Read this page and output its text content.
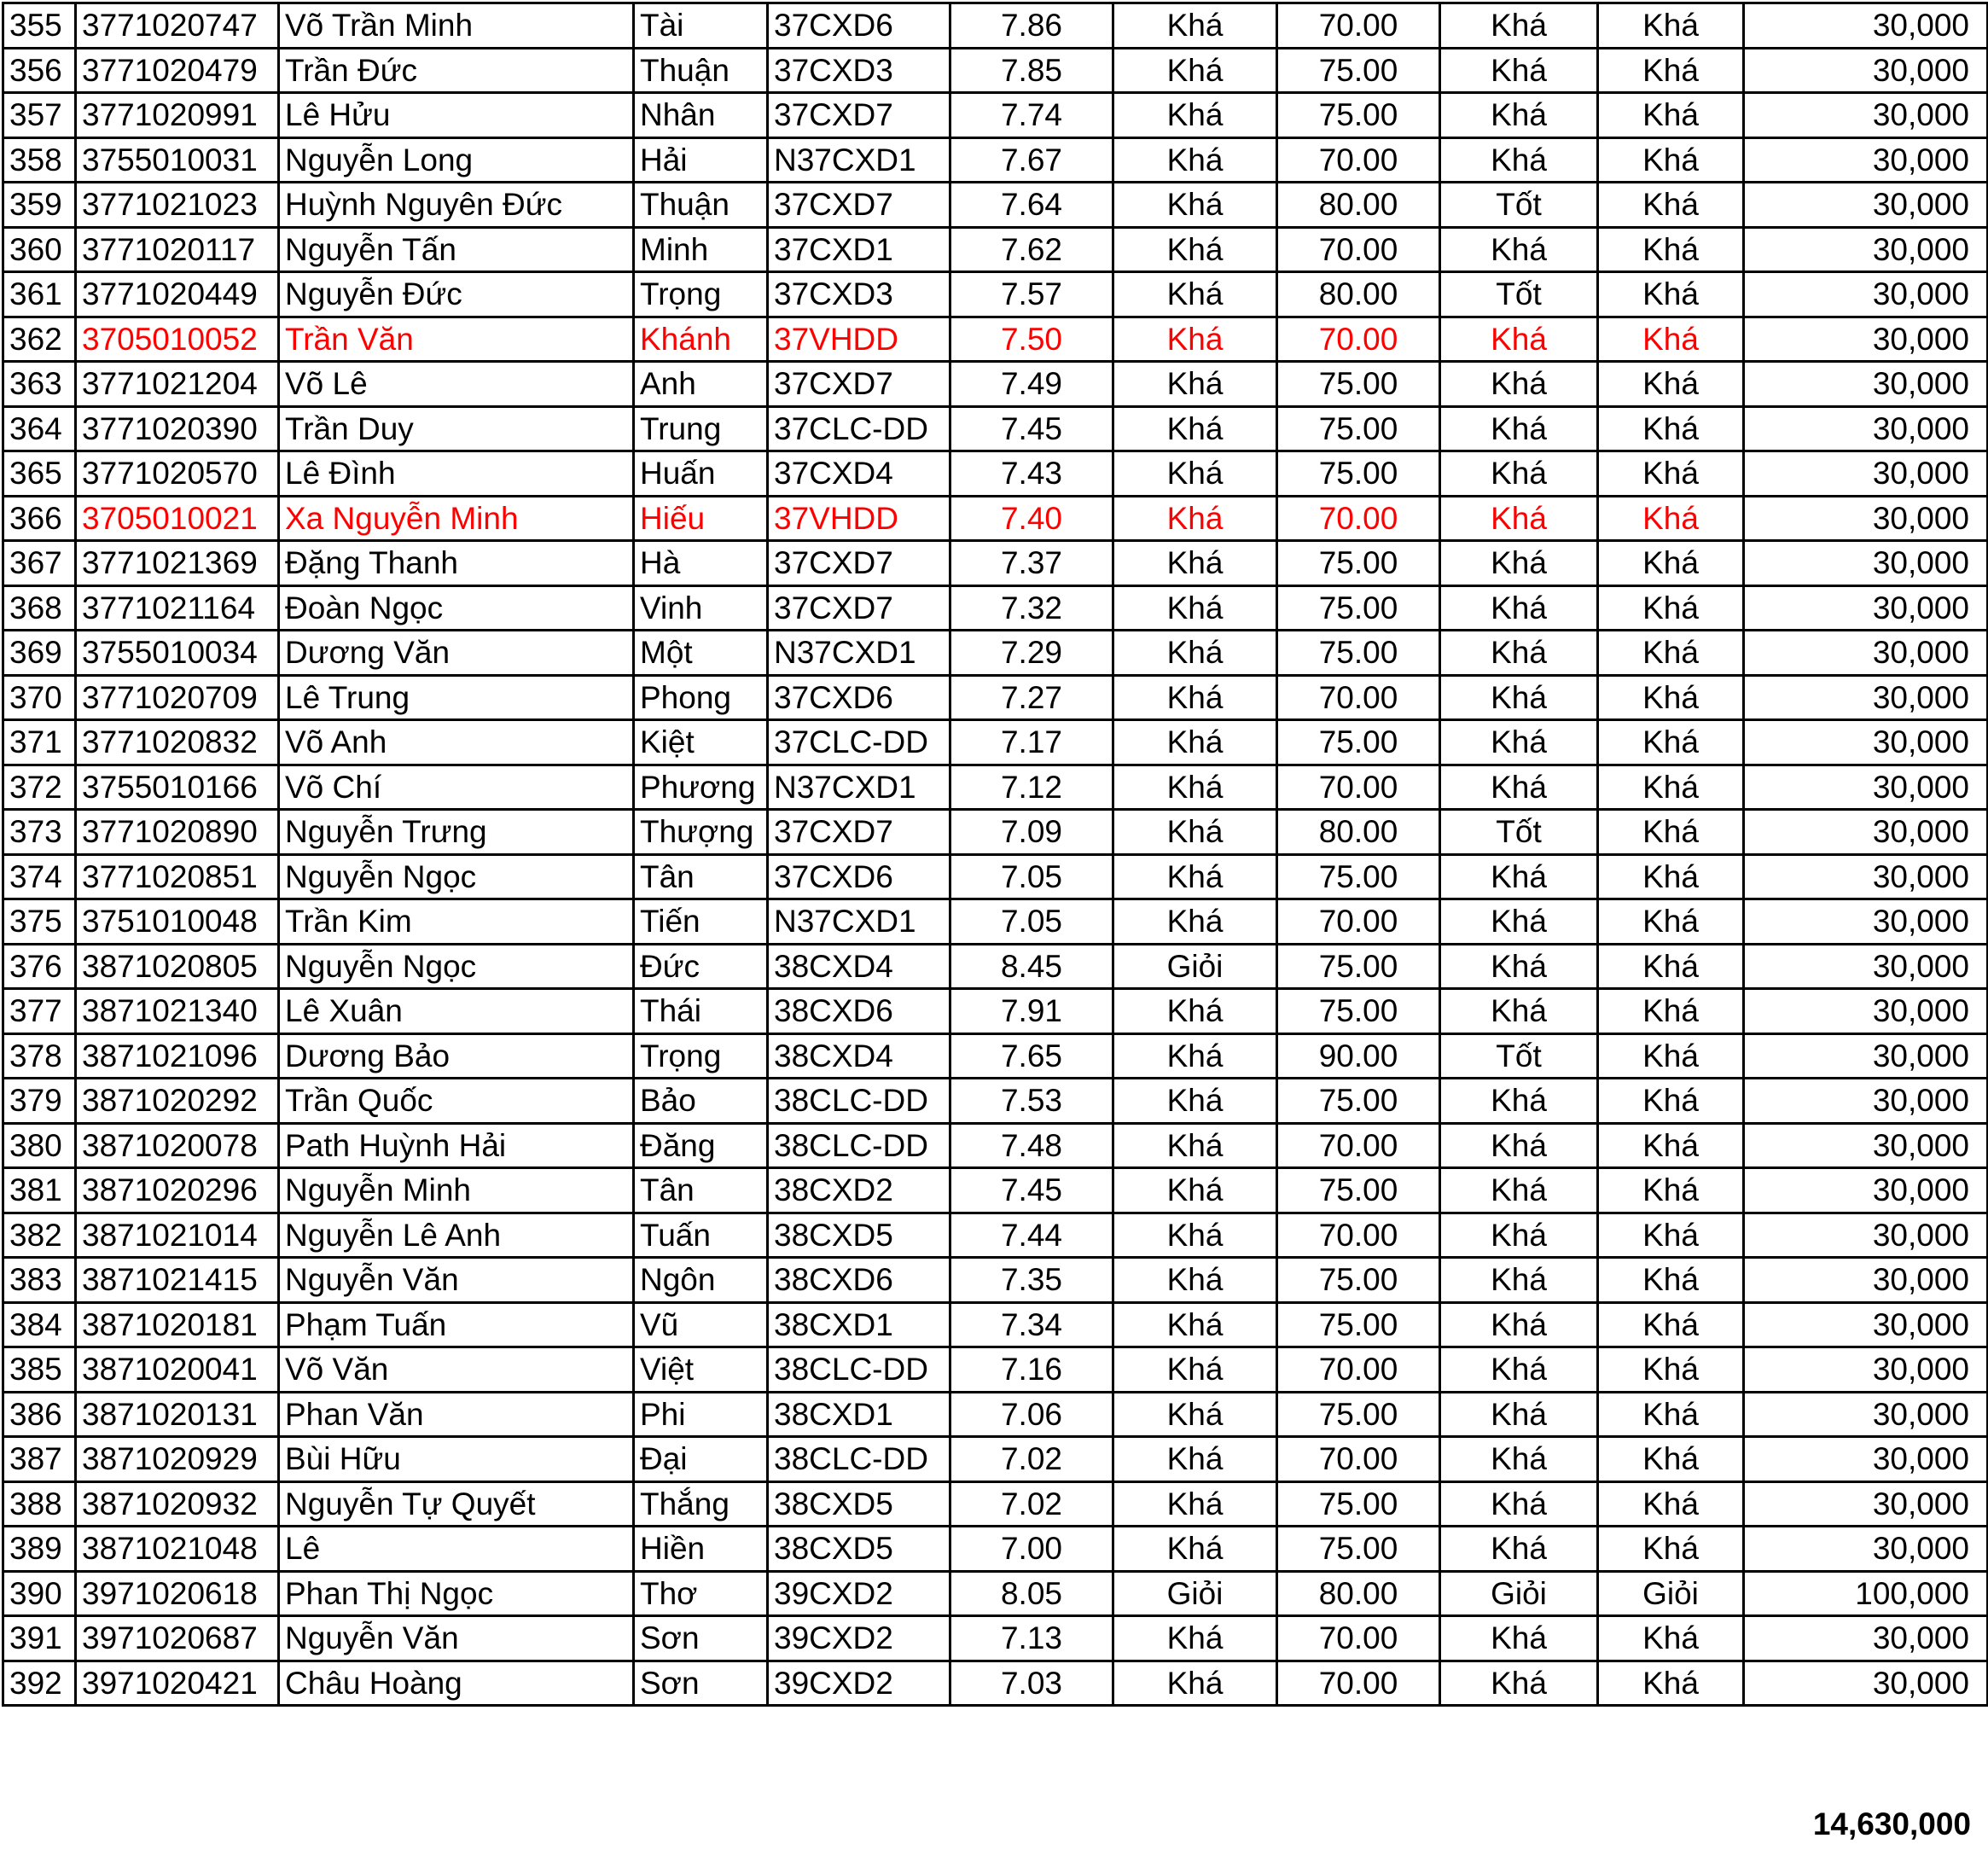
355	3771020747	Võ Trần Minh	Tài	37CXD6	7.86	Khá	70.00	Khá	Khá	30,000
356	3771020479	Trần Đức	Thuận	37CXD3	7.85	Khá	75.00	Khá	Khá	30,000
357	3771020991	Lê Hửu	Nhân	37CXD7	7.74	Khá	75.00	Khá	Khá	30,000
358	3755010031	Nguyễn Long	Hải	N37CXD1	7.67	Khá	70.00	Khá	Khá	30,000
359	3771021023	Huỳnh Nguyên Đức	Thuận	37CXD7	7.64	Khá	80.00	Tốt	Khá	30,000
360	3771020117	Nguyễn Tấn	Minh	37CXD1	7.62	Khá	70.00	Khá	Khá	30,000
361	3771020449	Nguyễn Đức	Trọng	37CXD3	7.57	Khá	80.00	Tốt	Khá	30,000
362	3705010052	Trần Văn	Khánh	37VHDD	7.50	Khá	70.00	Khá	Khá	30,000
363	3771021204	Võ Lê	Anh	37CXD7	7.49	Khá	75.00	Khá	Khá	30,000
364	3771020390	Trần Duy	Trung	37CLC-DD	7.45	Khá	75.00	Khá	Khá	30,000
365	3771020570	Lê Đình	Huấn	37CXD4	7.43	Khá	75.00	Khá	Khá	30,000
366	3705010021	Xa Nguyễn Minh	Hiếu	37VHDD	7.40	Khá	70.00	Khá	Khá	30,000
367	3771021369	Đặng Thanh	Hà	37CXD7	7.37	Khá	75.00	Khá	Khá	30,000
368	3771021164	Đoàn Ngọc	Vinh	37CXD7	7.32	Khá	75.00	Khá	Khá	30,000
369	3755010034	Dương Văn	Một	N37CXD1	7.29	Khá	75.00	Khá	Khá	30,000
370	3771020709	Lê Trung	Phong	37CXD6	7.27	Khá	70.00	Khá	Khá	30,000
371	3771020832	Võ Anh	Kiệt	37CLC-DD	7.17	Khá	75.00	Khá	Khá	30,000
372	3755010166	Võ Chí	Phương	N37CXD1	7.12	Khá	70.00	Khá	Khá	30,000
373	3771020890	Nguyễn Trưng	Thượng	37CXD7	7.09	Khá	80.00	Tốt	Khá	30,000
374	3771020851	Nguyễn Ngọc	Tân	37CXD6	7.05	Khá	75.00	Khá	Khá	30,000
375	3751010048	Trần Kim	Tiến	N37CXD1	7.05	Khá	70.00	Khá	Khá	30,000
376	3871020805	Nguyễn Ngọc	Đức	38CXD4	8.45	Giỏi	75.00	Khá	Khá	30,000
377	3871021340	Lê Xuân	Thái	38CXD6	7.91	Khá	75.00	Khá	Khá	30,000
378	3871021096	Dương Bảo	Trọng	38CXD4	7.65	Khá	90.00	Tốt	Khá	30,000
379	3871020292	Trần Quốc	Bảo	38CLC-DD	7.53	Khá	75.00	Khá	Khá	30,000
380	3871020078	Path Huỳnh Hải	Đăng	38CLC-DD	7.48	Khá	70.00	Khá	Khá	30,000
381	3871020296	Nguyễn Minh	Tân	38CXD2	7.45	Khá	75.00	Khá	Khá	30,000
382	3871021014	Nguyễn Lê Anh	Tuấn	38CXD5	7.44	Khá	70.00	Khá	Khá	30,000
383	3871021415	Nguyễn Văn	Ngôn	38CXD6	7.35	Khá	75.00	Khá	Khá	30,000
384	3871020181	Phạm Tuấn	Vũ	38CXD1	7.34	Khá	75.00	Khá	Khá	30,000
385	3871020041	Võ Văn	Việt	38CLC-DD	7.16	Khá	70.00	Khá	Khá	30,000
386	3871020131	Phan Văn	Phi	38CXD1	7.06	Khá	75.00	Khá	Khá	30,000
387	3871020929	Bùi Hữu	Đại	38CLC-DD	7.02	Khá	70.00	Khá	Khá	30,000
388	3871020932	Nguyễn Tự Quyết	Thắng	38CXD5	7.02	Khá	75.00	Khá	Khá	30,000
389	3871021048	Lê	Hiền	38CXD5	7.00	Khá	75.00	Khá	Khá	30,000
390	3971020618	Phan Thị Ngọc	Thơ	39CXD2	8.05	Giỏi	80.00	Giỏi	Giỏi	100,000
391	3971020687	Nguyễn Văn	Sơn	39CXD2	7.13	Khá	70.00	Khá	Khá	30,000
392	3971020421	Châu Hoàng	Sơn	39CXD2	7.03	Khá	70.00	Khá	Khá	30,000
14,630,000
